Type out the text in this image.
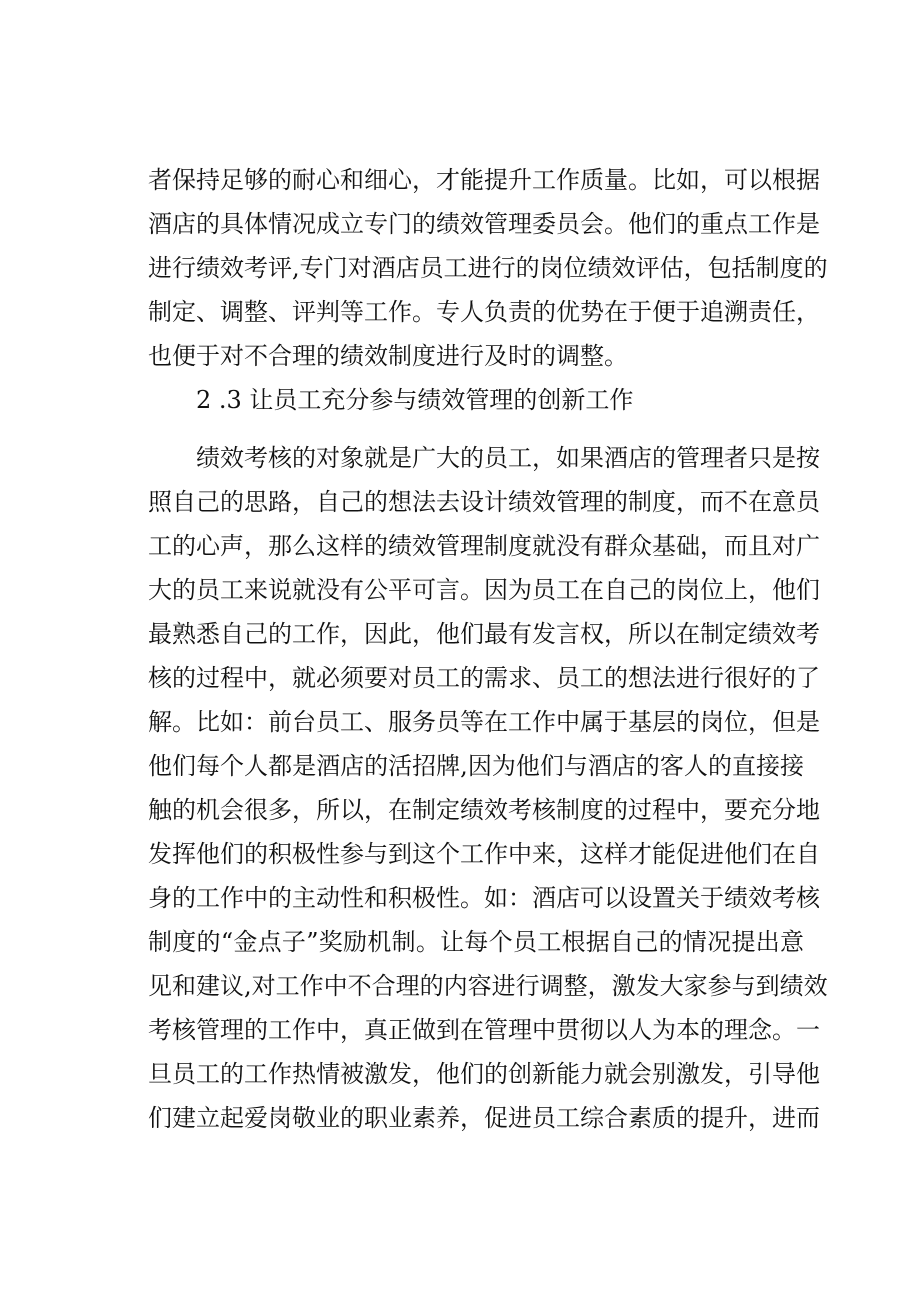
者保持足够的耐心和细心，才能提升工作质量。比如，可以根据
酒店的具体情况成立专门的绩效管理委员会。他们的重点工作是
进行绩效考评,专门对酒店员工进行的岗位绩效评估，包括制度的
制定、调整、评判等工作。专人负责的优势在于便于追溯责任，
也便于对不合理的绩效制度进行及时的调整。
2 .3 让员工充分参与绩效管理的创新工作
绩效考核的对象就是广大的员工，如果酒店的管理者只是按
照自己的思路，自己的想法去设计绩效管理的制度，而不在意员
工的心声，那么这样的绩效管理制度就没有群众基础，而且对广
大的员工来说就没有公平可言。因为员工在自己的岗位上，他们
最熟悉自己的工作，因此，他们最有发言权，所以在制定绩效考
核的过程中，就必须要对员工的需求、员工的想法进行很好的了
解。比如：前台员工、服务员等在工作中属于基层的岗位，但是
他们每个人都是酒店的活招牌,因为他们与酒店的客人的直接接
触的机会很多，所以，在制定绩效考核制度的过程中，要充分地
发挥他们的积极性参与到这个工作中来，这样才能促进他们在自
身的工作中的主动性和积极性。如：酒店可以设置关于绩效考核
制度的“金点子”奖励机制。让每个员工根据自己的情况提出意
见和建议,对工作中不合理的内容进行调整，激发大家参与到绩效
考核管理的工作中，真正做到在管理中贯彻以人为本的理念。一
旦员工的工作热情被激发，他们的创新能力就会别激发，引导他
们建立起爱岗敬业的职业素养，促进员工综合素质的提升，进而
